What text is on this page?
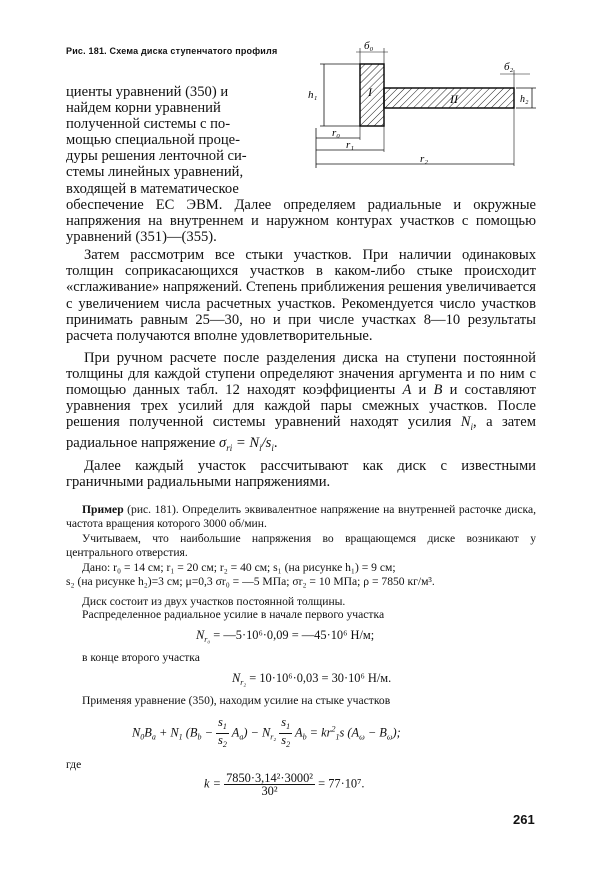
Рис. 181. Схема диска ступенчатого профиля	б₀
б₂
h₁	h₂
I	II
r₀
r₁
r₂
циенты уравнений (350) и
найдем корни уравнений
полученной системы с по-
мощью специальной проце-
дуры решения ленточной си-
стемы линейных уравнений,
входящей в математическое

обеспечение ЕС ЭВМ. Далее определяем радиальные и окружные напряжения на внутреннем и наружном контурах участков с помощью уравнений (351)—(355).

Затем рассмотрим все стыки участков. При наличии одинаковых толщин соприкасающихся участков в каком-либо стыке происходит «сглаживание» напряжений. Степень приближения решения увеличивается с увеличением числа расчетных участков. Рекомендуется число участков принимать равным 25—30, но и при числе участках 8—10 результаты расчета получаются вполне удовлетворительные.

При ручном расчете после разделения диска на ступени постоянной толщины для каждой ступени определяют значения аргумента и по ним с помощью данных табл. 12 находят коэффициенты A и B и составляют уравнения трех усилий для каждой пары смежных участков. После решения полученной системы уравнений находят усилия $N_i$, а затем радиальное напряжение $\sigma_{ri} = N_i/s_i$.

Далее каждый участок рассчитывают как диск с известными граничными радиальными напряжениями.

Пример (рис. 181). Определить эквивалентное напряжение на внутренней расточке диска, частота вращения которого 3000 об/мин.

Учитываем, что наибольшие напряжения во вращающемся диске возникают у центрального отверстия.

Дано: r₀ = 14 см; r₁ = 20 см; r₂ = 40 см; s₁ (на рисунке h₁) = 9 см;

s₂ (на рисунке h₂)=3 см; μ=0,3 σr₀ = —5 МПа; σr₂ = 10 МПа; ρ = 7850 кг/м³.

Диск состоит из двух участков постоянной толщины.

Распределенное радиальное усилие в начале первого участка

$N_{r_0}$ = —5·10⁶·0,09 = —45·10⁶ Н/м;

в конце второго участка

$N_{r_2} = 10\cdot 10^6\cdot 0,03 = 30\cdot 10^6$ Н/м.

Применяя уравнение (350), находим усилие на стыке участков

$N_0B_a + N_1$ $(B_b - \frac{s_1}{s_2} A_a) - N_{r_2} \frac{s_1}{s_2} A_b = kr^2_1s$ $(A_\omega - B_\omega)$;
где
$k = \frac{\text{7850·3,14²·3000²}}{\text{30²}} = 77\cdot 10^7$.
261
